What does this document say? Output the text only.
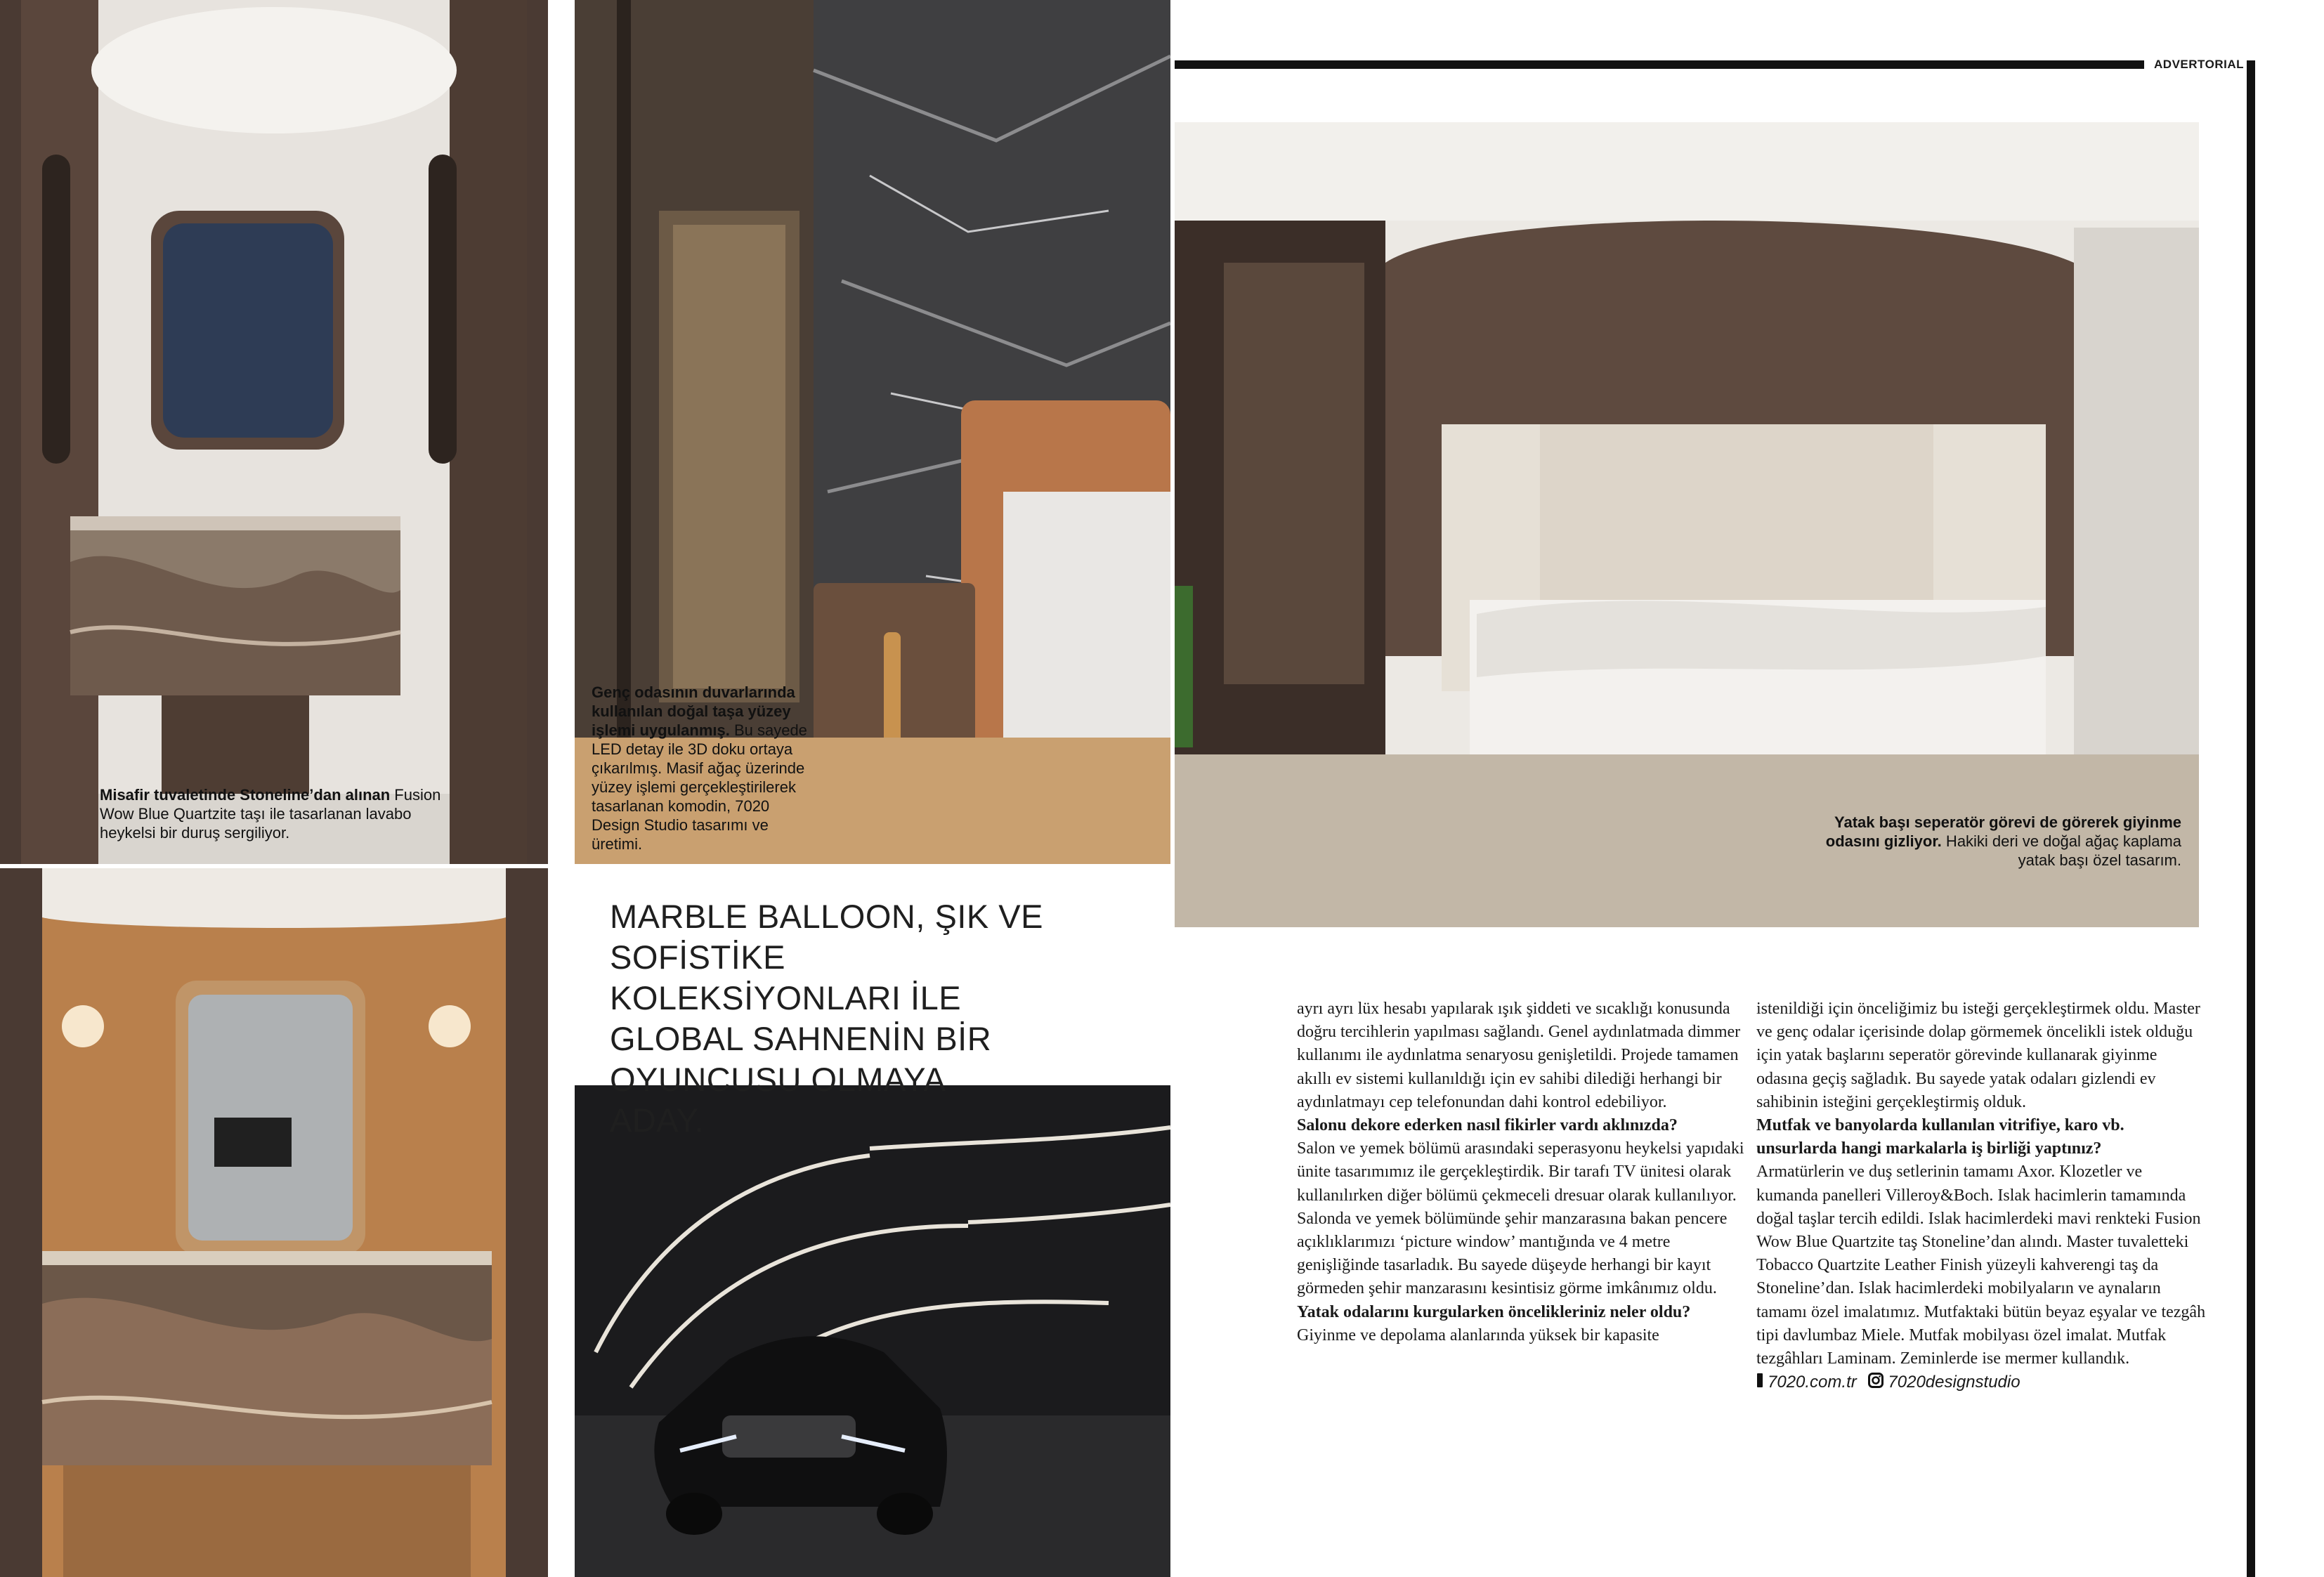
ADVERTORIAL
Misafir tuvaletinde Stoneline’dan alınan Fusion Wow Blue Quartzite taşı ile tasarlanan lavabo heykelsi bir duruş sergiliyor.
Genç odasının duvarlarında kullanılan doğal taşa yüzey işlemi uygulanmış. Bu sayede LED detay ile 3D doku ortaya çıkarılmış. Masif ağaç üzerinde yüzey işlemi gerçekleştirilerek tasarlanan komodin, 7020 Design Studio tasarımı ve üretimi.
Yatak başı seperatör görevi de görerek giyinme odasını gizliyor. Hakiki deri ve doğal ağaç kaplama yatak başı özel tasarım.
MARBLE BALLOON, ŞIK VE SOFİSTİKE KOLEKSİYONLARI İLE GLOBAL SAHNENİN BİR OYUNCUSU OLMAYA ADAY.

ayrı ayrı lüx hesabı yapılarak ışık şiddeti ve sıcaklığı konusunda doğru tercihlerin yapılması sağlandı. Genel aydınlatmada dimmer kullanımı ile aydınlatma senaryosu genişletildi. Projede tamamen akıllı ev sistemi kullanıldığı için ev sahibi dilediği herhangi bir aydınlatmayı cep telefonundan dahi kontrol edebiliyor.

Salonu dekore ederken nasıl fikirler vardı aklınızda?

Salon ve yemek bölümü arasındaki seperasyonu heykelsi yapıdaki ünite tasarımımız ile gerçekleştirdik. Bir tarafı TV ünitesi olarak kullanılırken diğer bölümü çekmeceli dresuar olarak kullanılıyor. Salonda ve yemek bölümünde şehir manzarasına bakan pencere açıklıklarımızı ‘picture window’ mantığında ve 4 metre genişliğinde tasarladık. Bu sayede düşeyde herhangi bir kayıt görmeden şehir manzarasını kesintisiz görme imkânımız oldu.

Yatak odalarını kurgularken öncelikleriniz neler oldu?

Giyinme ve depolama alanlarında yüksek bir kapasite

istenildiği için önceliğimiz bu isteği gerçekleştirmek oldu. Master ve genç odalar içerisinde dolap görmemek öncelikli istek olduğu için yatak başlarını seperatör görevinde kullanarak giyinme odasına geçiş sağladık. Bu sayede yatak odaları gizlendi ev sahibinin isteğini gerçekleştirmiş olduk.

Mutfak ve banyolarda kullanılan vitrifiye, karo vb. unsurlarda hangi markalarla iş birliği yaptınız?

Armatürlerin ve duş setlerinin tamamı Axor. Klozetler ve kumanda panelleri Villeroy&Boch. Islak hacimlerin tamamında doğal taşlar tercih edildi. Islak hacimlerdeki mavi renkteki Fusion Wow Blue Quartzite taş Stoneline’dan alındı. Master tuvaletteki Tobacco Quartzite Leather Finish yüzeyli kahverengi taş da Stoneline’dan. Islak hacimlerdeki mobilyaların ve aynaların tamamı özel imalatımız. Mutfaktaki bütün beyaz eşyalar ve tezgâh tipi davlumbaz Miele. Mutfak mobilyası özel imalat. Mutfak tezgâhları Laminam. Zeminlerde ise mermer kullandık.

7020.com.tr 7020designstudio
